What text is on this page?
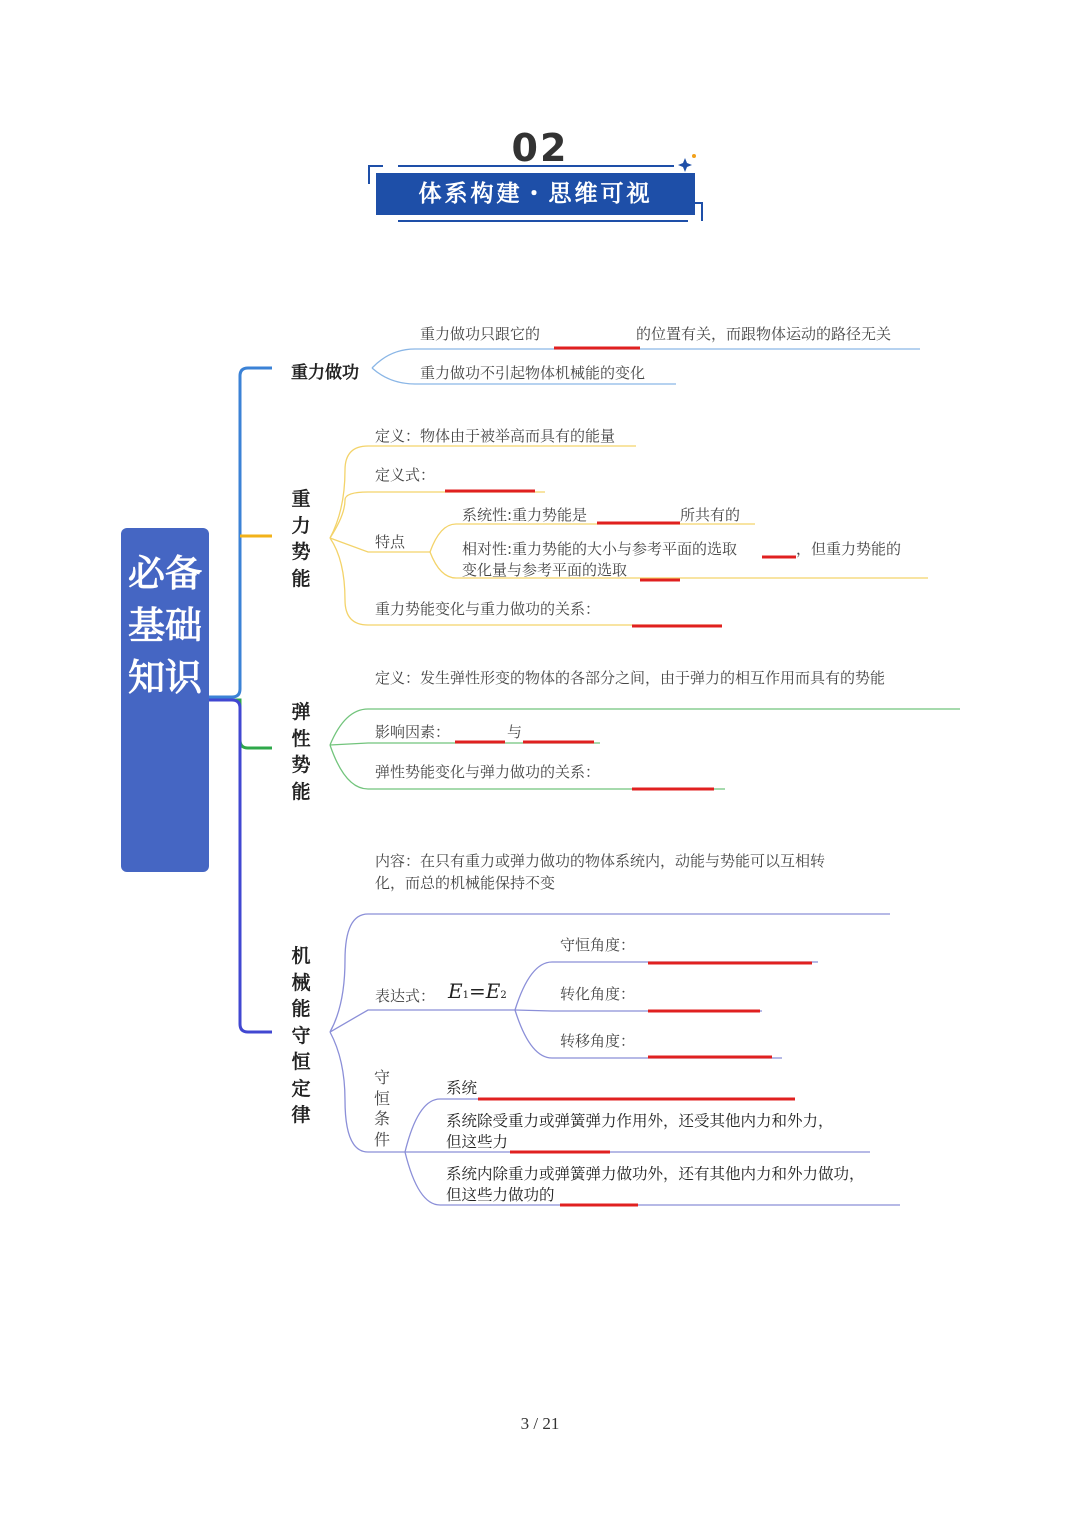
02
体系构建・思维可视
必备基础知识
重力做功
重力做功只跟它的	的位置有关，而跟物体运动的路径无关
重力做功不引起物体机械能的变化
重力势能
定义：物体由于被举高而具有的能量
定义式：
特点
系统性:重力势能是	所共有的
相对性:重力势能的大小与参考平面的选取	，但重力势能的
变化量与参考平面的选取
重力势能变化与重力做功的关系：
弹性势能
定义：发生弹性形变的物体的各部分之间，由于弹力的相互作用而具有的势能
影响因素：	与
弹性势能变化与弹力做功的关系：
机械能守恒定律
内容：在只有重力或弹力做功的物体系统内，动能与势能可以互相转
化，而总的机械能保持不变
表达式： E1=E2
守恒角度：
转化角度：
转移角度：
守恒条件
系统
系统除受重力或弹簧弹力作用外，还受其他内力和外力，
但这些力
系统内除重力或弹簧弹力做功外，还有其他内力和外力做功，
但这些力做功的
3 / 21
